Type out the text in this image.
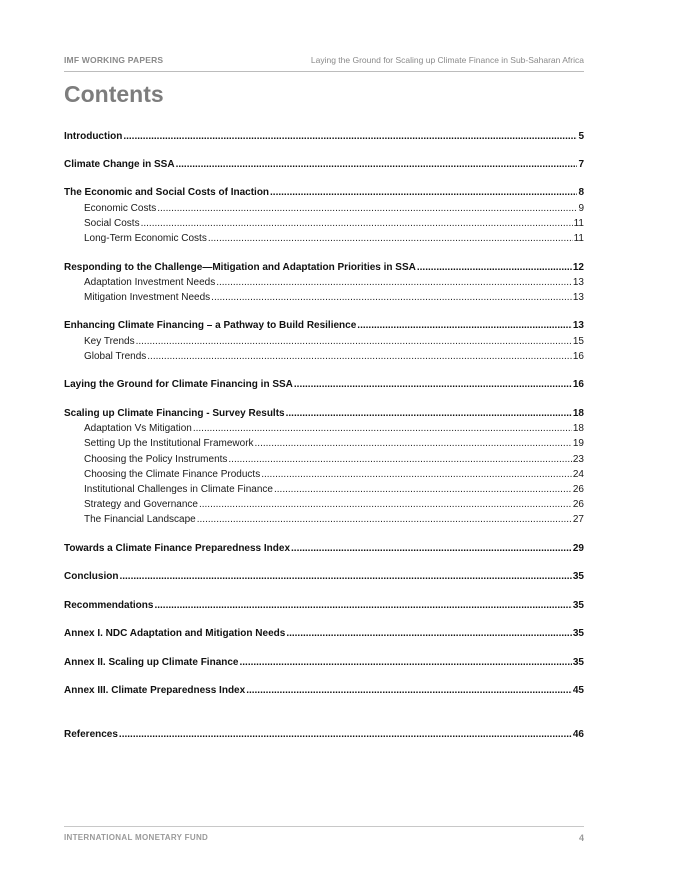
IMF WORKING PAPERS	Laying the Ground for Scaling up Climate Finance in Sub-Saharan Africa
Contents
Introduction .....	5
Climate Change in SSA .....	7
The Economic and Social Costs of Inaction .....	8
Economic Costs .....	9
Social Costs .....	11
Long-Term Economic Costs .....	11
Responding to the Challenge—Mitigation and Adaptation Priorities in SSA .....	12
Adaptation Investment Needs .....	13
Mitigation Investment Needs .....	13
Enhancing Climate Financing – a Pathway to Build Resilience .....	13
Key Trends .....	15
Global Trends .....	16
Laying the Ground for Climate Financing in SSA .....	16
Scaling up Climate Financing - Survey Results .....	18
Adaptation Vs Mitigation .....	18
Setting Up the Institutional Framework .....	19
Choosing the Policy Instruments .....	23
Choosing the Climate Finance Products .....	24
Institutional Challenges in Climate Finance .....	26
Strategy and Governance .....	26
The Financial Landscape .....	27
Towards a Climate Finance Preparedness Index .....	29
Conclusion .....	35
Recommendations .....	35
Annex I. NDC Adaptation and Mitigation Needs .....	35
Annex II. Scaling up Climate Finance .....	35
Annex III. Climate Preparedness Index .....	45
References .....	46
INTERNATIONAL MONETARY FUND	4
